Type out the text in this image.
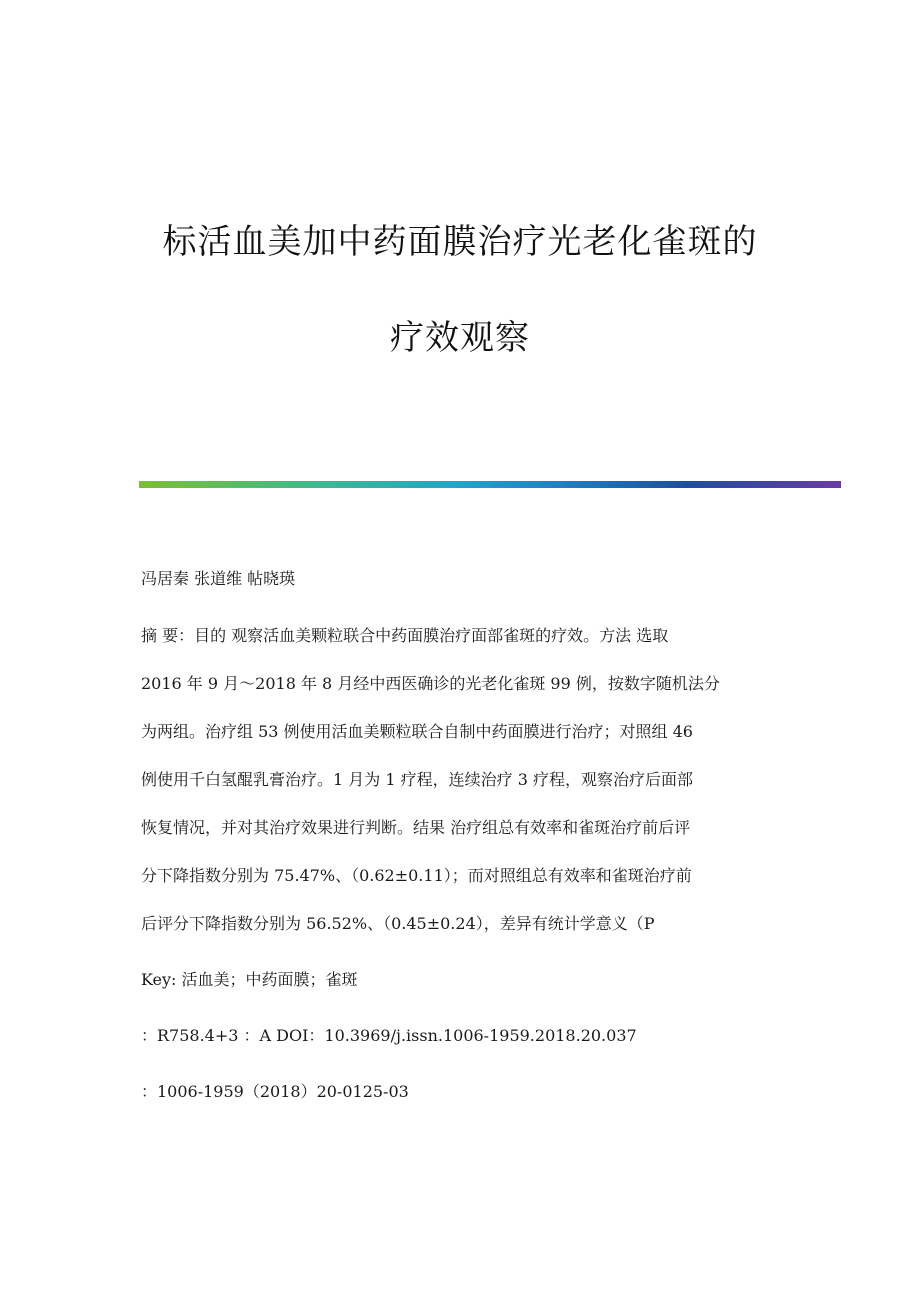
标活血美加中药面膜治疗光老化雀斑的
疗效观察
冯居秦 张道维 帖晓瑛
摘 要：目的 观察活血美颗粒联合中药面膜治疗面部雀斑的疗效。方法 选取
2016 年 9 月～2018 年 8 月经中西医确诊的光老化雀斑 99 例，按数字随机法分
为两组。治疗组 53 例使用活血美颗粒联合自制中药面膜进行治疗；对照组 46
例使用千白氢醌乳膏治疗。1 月为 1 疗程，连续治疗 3 疗程，观察治疗后面部
恢复情况，并对其治疗效果进行判断。结果 治疗组总有效率和雀斑治疗前后评
分下降指数分别为 75.47%、（0.62±0.11）；而对照组总有效率和雀斑治疗前
后评分下降指数分别为 56.52%、（0.45±0.24），差异有统计学意义（P
Key: 活血美；中药面膜；雀斑
：R758.4+3 ：A DOI：10.3969/j.issn.1006-1959.2018.20.037
：1006-1959（2018）20-0125-03
